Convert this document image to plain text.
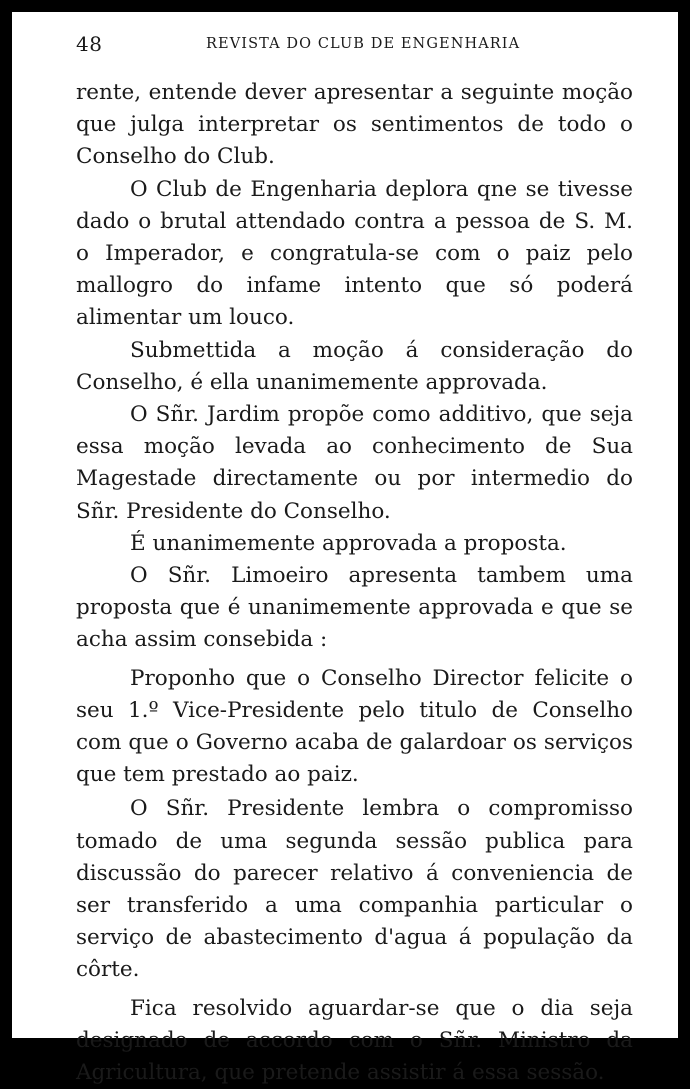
48	REVISTA DO CLUB DE ENGENHARIA

rente, entende dever apresentar a seguinte moção que julga interpretar os sentimentos de todo o Conselho do Club.

O Club de Engenharia deplora qne se tivesse dado o brutal attendado contra a pessoa de S. M. o Imperador, e congratula-se com o paiz pelo mallogro do infame intento que só poderá alimentar um louco.

Submettida a moção á consideração do Conselho, é ella unanimemente approvada.

O Sñr. Jardim propõe como additivo, que seja essa moção levada ao conhecimento de Sua Magestade directamente ou por intermedio do Sñr. Presidente do Conselho.

É unanimemente approvada a proposta.

O Sñr. Limoeiro apresenta tambem uma proposta que é unanimemente approvada e que se acha assim consebida :

Proponho que o Conselho Director felicite o seu 1.º Vice-Presidente pelo titulo de Conselho com que o Governo acaba de galardoar os serviços que tem prestado ao paiz.

O Sñr. Presidente lembra o compromisso tomado de uma segunda sessão publica para discussão do parecer relativo á conveniencia de ser transferido a uma companhia particular o serviço de abastecimento d'agua á população da côrte.

Fica resolvido aguardar-se que o dia seja designado de accordo com o Sñr. Ministro da Agricultura, que pretende assistir á essa sessão.
